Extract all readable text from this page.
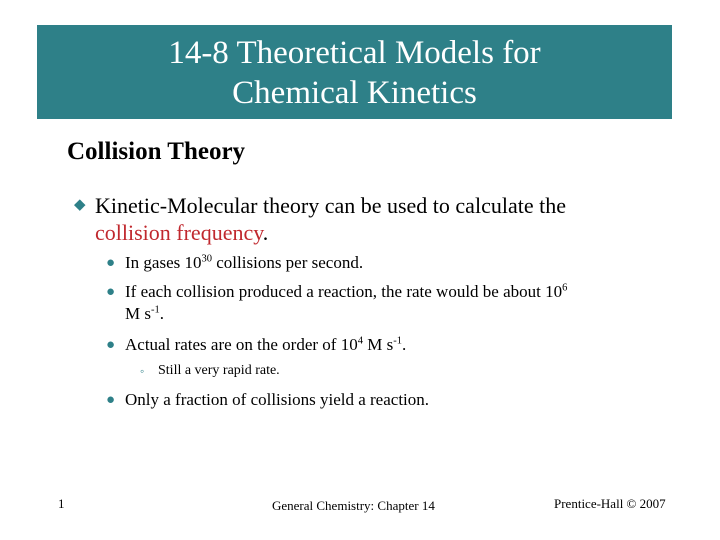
14-8 Theoretical Models for
Chemical Kinetics
Collision Theory
◆ Kinetic-Molecular theory can be used to calculate the collision frequency.
● In gases $10^{30}$ collisions per second.
● If each collision produced a reaction, the rate would be about $10^6$
M $s^{-1}$.
● Actual rates are on the order of $10^4$ M $s^{-1}$.
◦ Still a very rapid rate.
● Only a fraction of collisions yield a reaction.
1	General Chemistry: Chapter 14	Prentice-Hall © 2007
